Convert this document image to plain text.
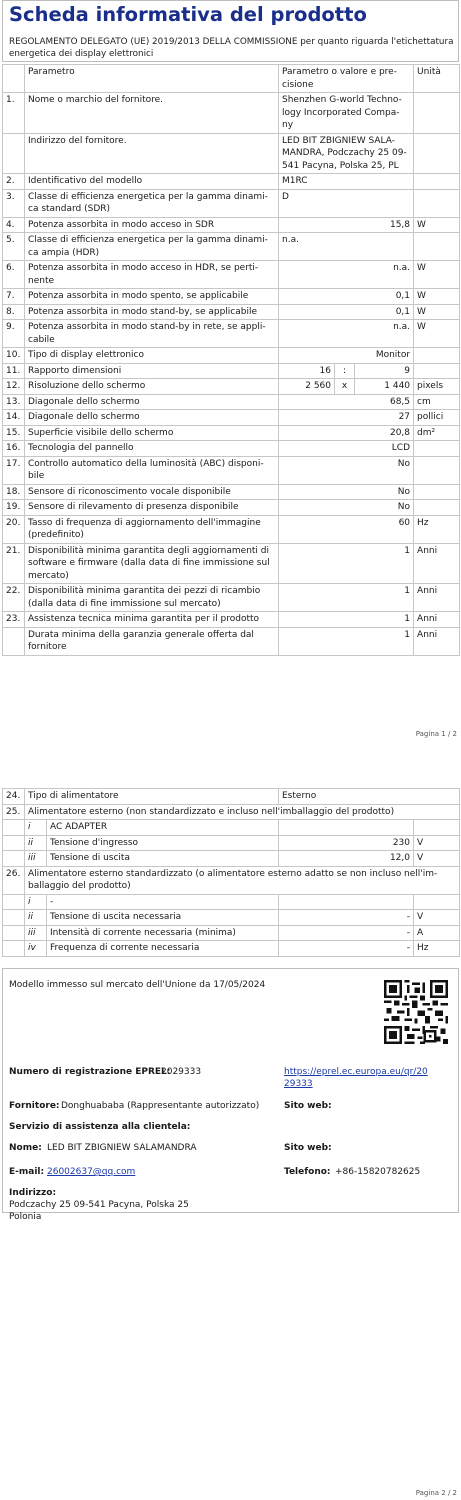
Scheda informativa del prodotto
REGOLAMENTO DELEGATO (UE) 2019/2013 DELLA COMMISSIONE per quanto riguarda l'etichettatura energetica dei display elettronici
	Parametro	Parametro o valore e pre- cisione			Unità
1.	Nome o marchio del fornitore.	Shenzhen G-world Techno- logy Incorporated Compa- ny			
	Indirizzo del fornitore.	LED BIT ZBIGNIEW SALA- MANDRA, Podczachy 25 09-541 Pacyna, Polska 25, PL			
2.	Identificativo del modello	M1RC			
3.	Classe di efficienza energetica per la gamma dinami- ca standard (SDR)	D			
4.	Potenza assorbita in modo acceso in SDR	15,8			W
5.	Classe di efficienza energetica per la gamma dinami- ca ampia (HDR)	n.a.			
6.	Potenza assorbita in modo acceso in HDR, se perti- nente	n.a.			W
7.	Potenza assorbita in modo spento, se applicabile	0,1			W
8.	Potenza assorbita in modo stand-by, se applicabile	0,1			W
9.	Potenza assorbita in modo stand-by in rete, se appli- cabile	n.a.			W
10.	Tipo di display elettronico	Monitor			
11.	Rapporto dimensioni	16	:	9	
12.	Risoluzione dello schermo	2 560	x	1 440	pixels
13.	Diagonale dello schermo	68,5			cm
14.	Diagonale dello schermo	27			pollici
15.	Superficie visibile dello schermo	20,8			dm²
16.	Tecnologia del pannello	LCD			
17.	Controllo automatico della luminosità (ABC) disponi- bile	No			
18.	Sensore di riconoscimento vocale disponibile	No			
19.	Sensore di rilevamento di presenza disponibile	No			
20.	Tasso di frequenza di aggiornamento dell'immagine (predefinito)	60			Hz
21.	Disponibilità minima garantita degli aggiornamenti di software e firmware (dalla data di fine immissione sul mercato)	1			Anni
22.	Disponibilità minima garantita dei pezzi di ricambio (dalla data di fine immissione sul mercato)	1			Anni
23.	Assistenza tecnica minima garantita per il prodotto	1			Anni
	Durata minima della garanzia generale offerta dal fornitore	1			Anni
Pagina 1 / 2
24.	Tipo di alimentatore		Esterno	
25.	Alimentatore esterno (non standardizzato e incluso nell'imballaggio del prodotto)			
	i	AC ADAPTER		
	ii	Tensione d'ingresso	230	V
	iii	Tensione di uscita	12,0	V
26.	Alimentatore esterno standardizzato (o alimentatore esterno adatto se non incluso nell'im- ballaggio del prodotto)			
	i	-		
	ii	Tensione di uscita necessaria	-	V
	iii	Intensità di corrente necessaria (minima)	-	A
	iv	Frequenza di corrente necessaria	-	Hz
Modello immesso sul mercato dell'Unione da 17/05/2024
Numero di registrazione EPREL:
2029333	https://eprel.ec.europa.eu/qr/20
29333
Fornitore: Donghuababa (Rappresentante autorizzato)	Sito web:
Servizio di assistenza alla clientela:
Nome: LED BIT ZBIGNIEW SALAMANDRA	Sito web:
E-mail: 26002637@qq.com	Telefono: +86-15820782625
Indirizzo:
Podczachy 25 09-541 Pacyna, Polska 25
Polonia
Pagina 2 / 2
